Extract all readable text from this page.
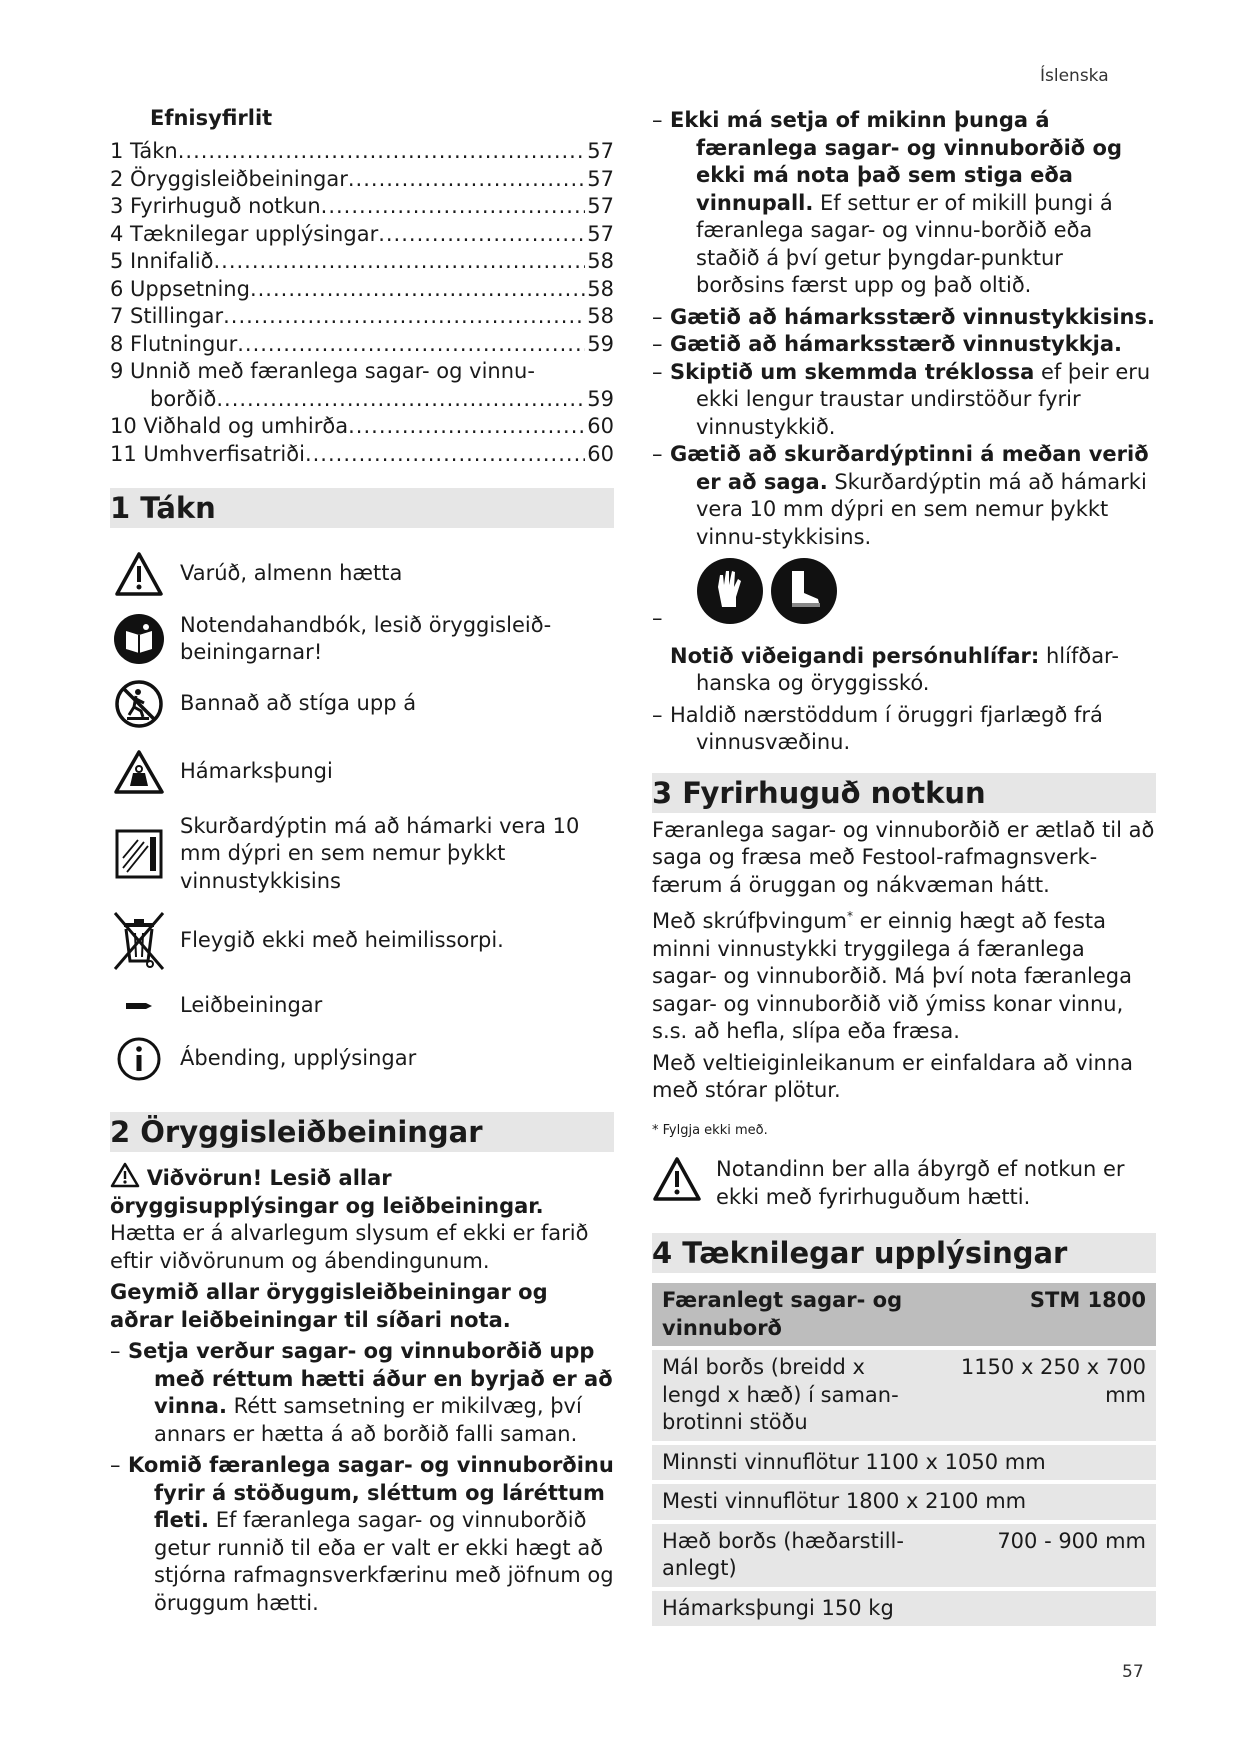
Íslenska
Efnisyfirlit
1 Tákn .....	57
2 Öryggisleiðbeiningar .....	57
3 Fyrirhuguð notkun .....	57
4 Tæknilegar upplýsingar .....	57
5 Innifalið .....	58
6 Uppsetning .....	58
7 Stillingar .....	58
8 Flutningur .....	59
9 Unnið með færanlega sagar- og vinnu-
borðið .....	59
10 Viðhald og umhirða .....	60
11 Umhverfisatriði .....	60
1 Tákn
Varúð, almenn hætta
Notendahandbók, lesið öryggisleið-beiningarnar!
Bannað að stíga upp á
Hámarksþungi
Skurðardýptin má að hámarki vera 10 mm dýpri en sem nemur þykkt vinnustykkisins
Fleygið ekki með heimilissorpi.
Leiðbeiningar
Ábending, upplýsingar
2 Öryggisleiðbeiningar

Viðvörun! Lesið allar öryggisupplýsingar og leiðbeiningar. Hætta er á alvarlegum slysum ef ekki er farið eftir viðvörunum og ábendingunum.

Geymið allar öryggisleiðbeiningar og aðrar leiðbeiningar til síðari nota.

– Setja verður sagar- og vinnuborðið upp með réttum hætti áður en byrjað er að vinna. Rétt samsetning er mikilvæg, því annars er hætta á að borðið falli saman.

– Komið færanlega sagar- og vinnuborðinu fyrir á stöðugum, sléttum og láréttum fleti. Ef færanlega sagar- og vinnuborðið getur runnið til eða er valt er ekki hægt að stjórna rafmagnsverkfærinu með jöfnum og öruggum hætti.

– Ekki má setja of mikinn þunga á færanlega sagar- og vinnuborðið og ekki má nota það sem stiga eða vinnupall. Ef settur er of mikill þungi á færanlega sagar- og vinnu-borðið eða staðið á því getur þyngdar-punktur borðsins færst upp og það oltið.

– Gætið að hámarksstærð vinnustykkisins.

– Gætið að hámarksstærð vinnustykkja.

– Skiptið um skemmda tréklossa ef þeir eru ekki lengur traustar undirstöður fyrir vinnustykkið.

– Gætið að skurðardýptinni á meðan verið er að saga. Skurðardýptin má að hámarki vera 10 mm dýpri en sem nemur þykkt vinnu-stykkisins.

–

Notið viðeigandi persónuhlífar: hlífðar-hanska og öryggisskó.

– Haldið nærstöddum í öruggri fjarlægð frá vinnusvæðinu.

3 Fyrirhuguð notkun

Færanlega sagar- og vinnuborðið er ætlað til að saga og fræsa með Festool-rafmagnsverk-færum á öruggan og nákvæman hátt.

Með skrúfþvingum* er einnig hægt að festa minni vinnustykki tryggilega á færanlega sagar- og vinnuborðið. Má því nota færanlega sagar- og vinnuborðið við ýmiss konar vinnu, s.s. að hefla, slípa eða fræsa.

Með veltieiginleikanum er einfaldara að vinna með stórar plötur.

* Fylgja ekki með.

Notandinn ber alla ábyrgð ef notkun er ekki með fyrirhuguðum hætti.
4 Tæknilegar upplýsingar
Færanlegt sagar- og vinnuborð	STM 1800
Mál borðs (breidd x lengd x hæð) í saman-brotinni stöðu	1150 x 250 x 700 mm
Minnsti vinnuflötur 1100 x 1050 mm	
Mesti vinnuflötur 1800 x 2100 mm	
Hæð borðs (hæðarstill-anlegt)	700 - 900 mm
Hámarksþungi 150 kg	
57
